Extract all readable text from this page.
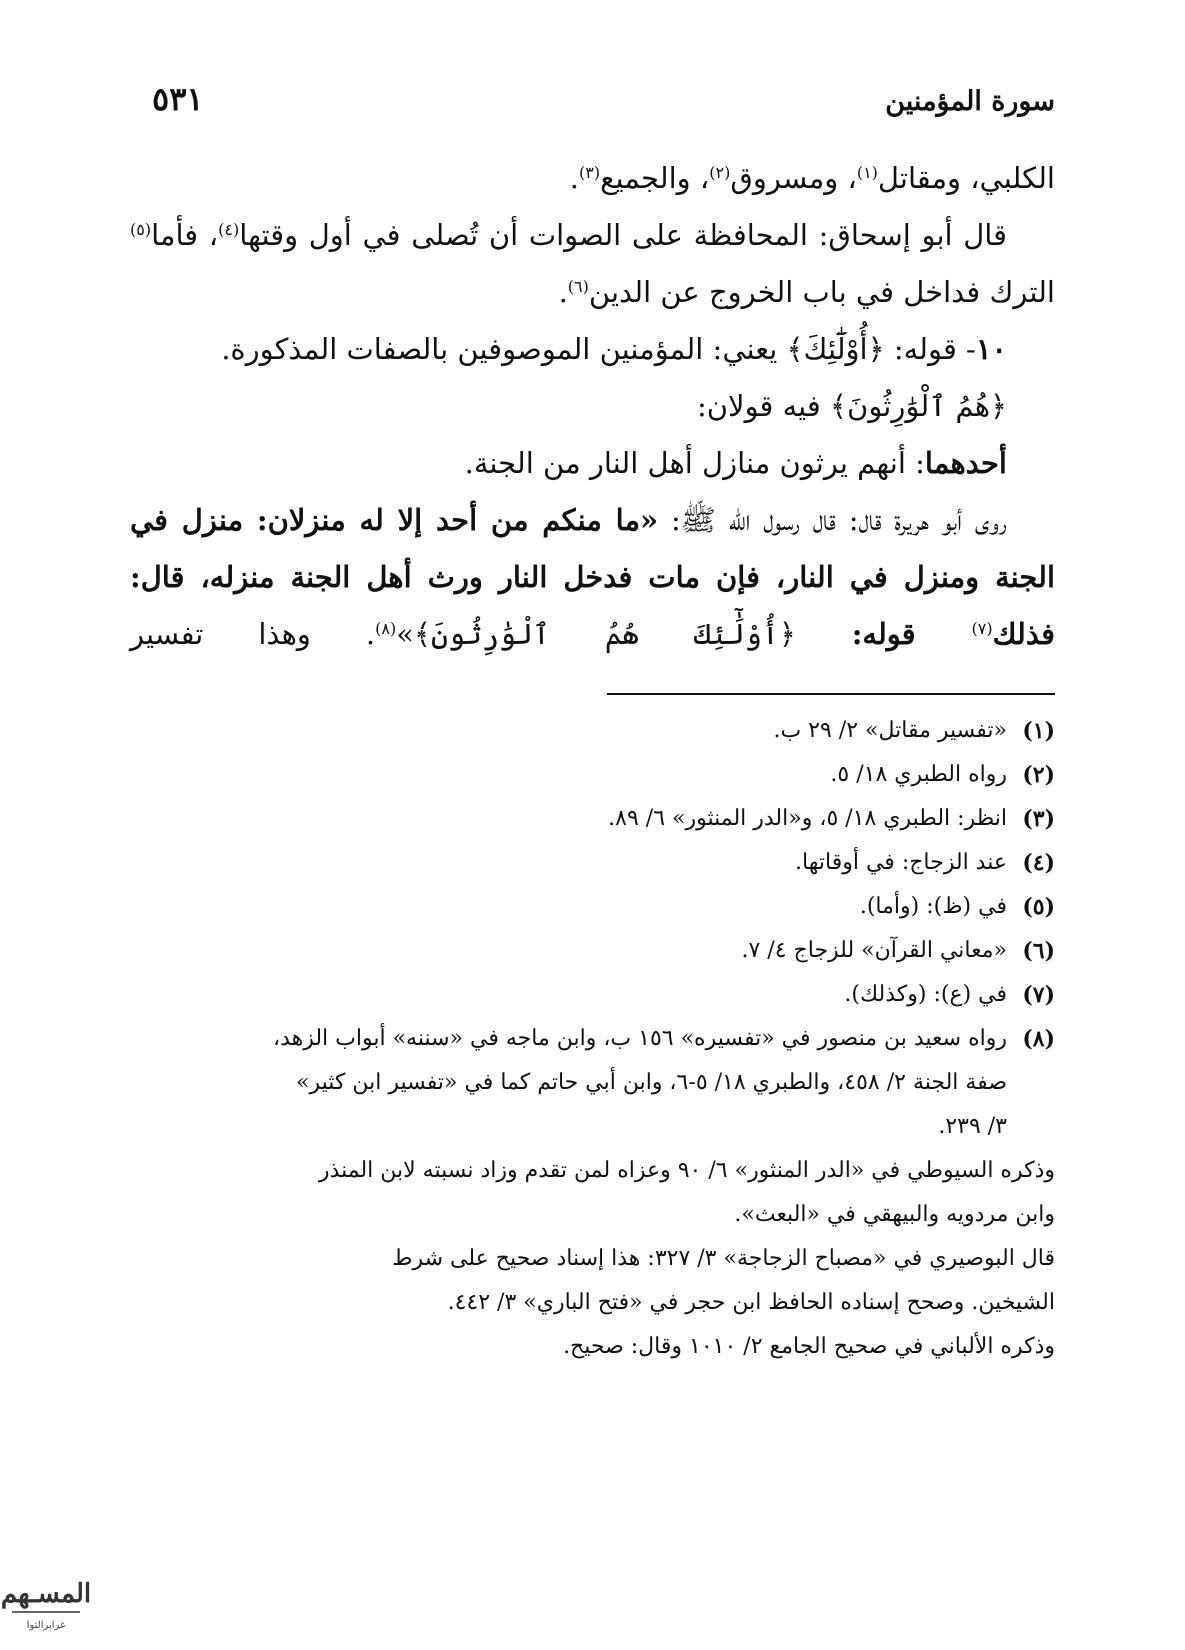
سورة المؤمنين
٥٣١

الكلبي، ومقاتل$^{(١)}$، ومسروق$^{(٢)}$، والجميع$^{(٣)}$.

قال أبو إسحاق: المحافظة على الصوات أن تُصلى في أول وقتها$^{(٤)}$، فأما$^{(٥)}$ الترك فداخل في باب الخروج عن الدين$^{(٦)}$.

١٠- قوله: ﴿أُوْلَٰٓئِكَ﴾ يعني: المؤمنين الموصوفين بالصفات المذكورة.

﴿هُمُ ٱلْوَٰرِثُونَ﴾ فيه قولان:

أحدهما: أنهم يرثون منازل أهل النار من الجنة.

روى أبو هريرة قال: قال رسول الله ﷺ: «ما منكم من أحد إلا له منزلان: منزل في الجنة ومنزل في النار، فإن مات فدخل النار ورث أهل الجنة منزله، قال: فذلك$^{(٧)}$ قوله: ﴿أُوْلَٰٓئِكَ هُمُ ٱلْوَٰرِثُونَ﴾»$^{(٨)}$. وهذا تفسير

(١)
«تفسير مقاتل» ٢/ ٢٩ ب.
(٢)
رواه الطبري ١٨/ ٥.
(٣)
انظر: الطبري ١٨/ ٥، و«الدر المنثور» ٦/ ٨٩.
(٤)
عند الزجاج: في أوقاتها.
(٥)
في (ظ): (وأما).
(٦)
«معاني القرآن» للزجاج ٤/ ٧.
(٧)
في (ع): (وكذلك).
(٨)
رواه سعيد بن منصور في «تفسيره» ١٥٦ ب، وابن ماجه في «سننه» أبواب الزهد،
صفة الجنة ٢/ ٤٥٨، والطبري ١٨/ ٥-٦، وابن أبي حاتم كما في «تفسير ابن كثير»
٣/ ٢٣٩.
وذكره السيوطي في «الدر المنثور» ٦/ ٩٠ وعزاه لمن تقدم وزاد نسبته لابن المنذر
وابن مردويه والبيهقي في «البعث».
قال البوصيري في «مصباح الزجاجة» ٣/ ٣٢٧: هذا إسناد صحيح على شرط
الشيخين. وصحح إسناده الحافظ ابن حجر في «فتح الباري» ٣/ ٤٤٢.
وذكره الألباني في صحيح الجامع ٢/ ١٠١٠ وقال: صحيح.
المسـهم
غرابرالتوا
